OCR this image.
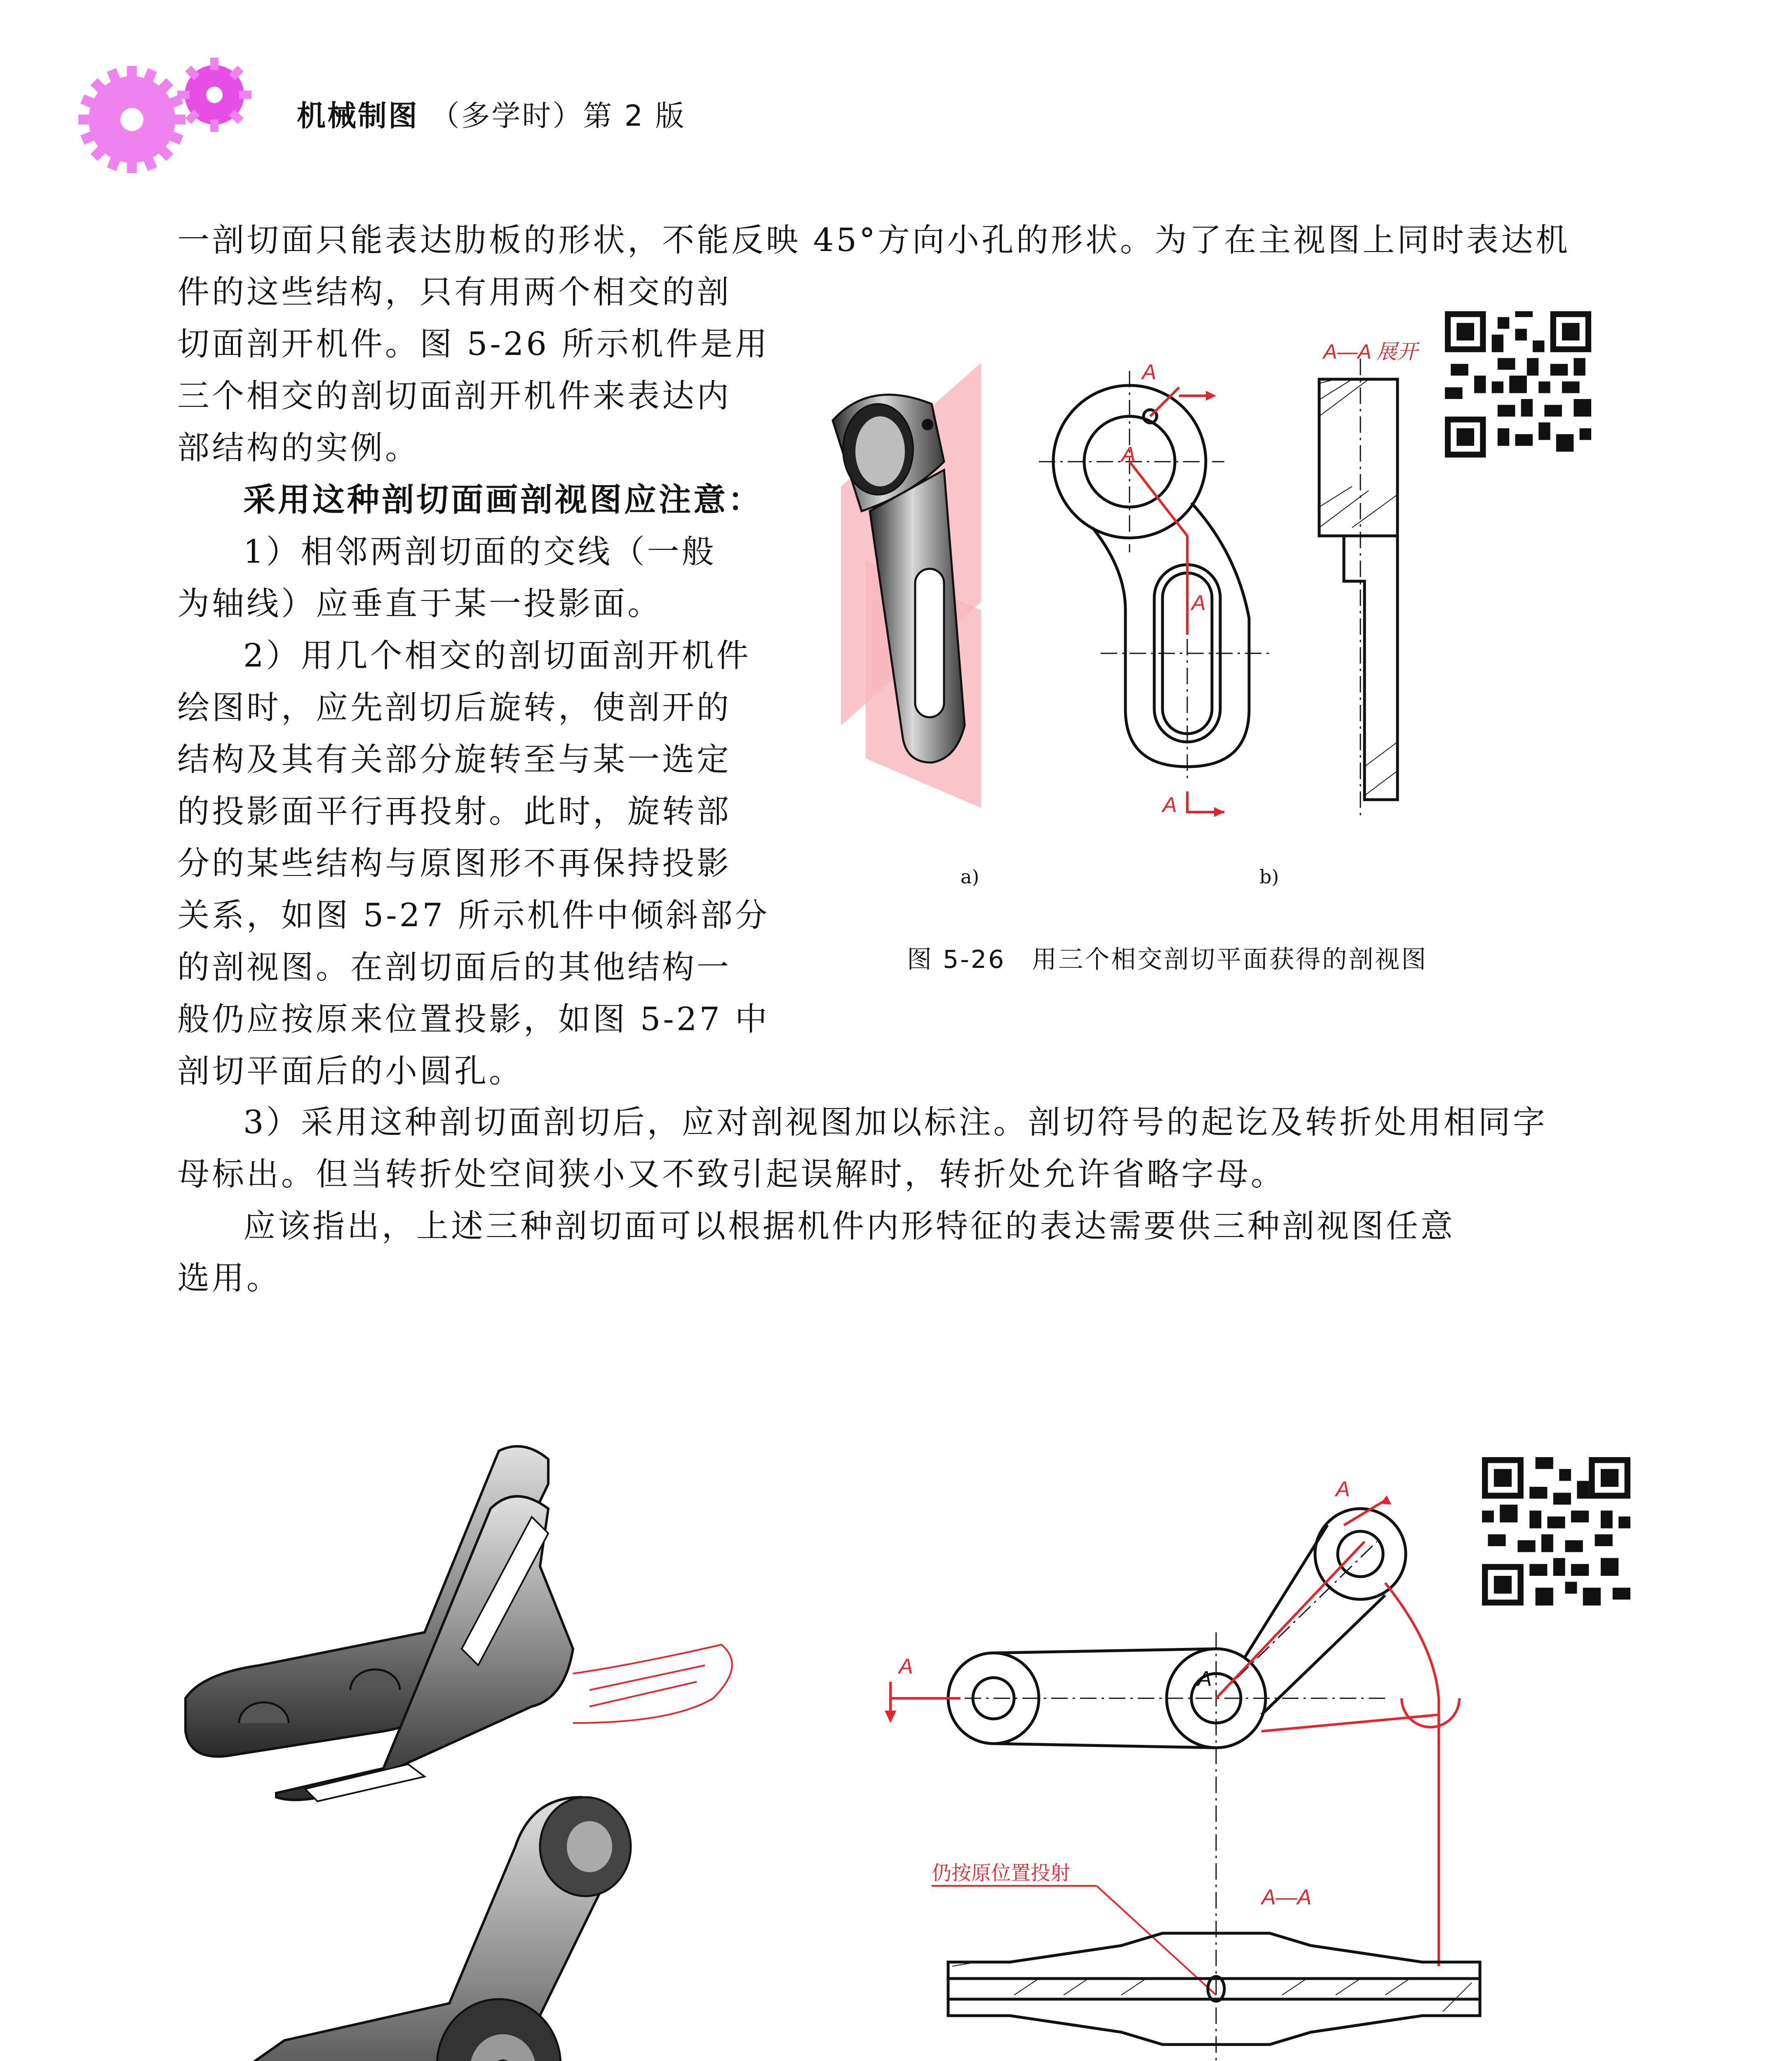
机械制图 （多学时）第 2 版
一剖切面只能表达肋板的形状，不能反映 45°方向小孔的形状。为了在主视图上同时表达机
件的这些结构，只有用两个相交的剖
切面剖开机件。图 5-26 所示机件是用
三个相交的剖切面剖开机件来表达内
部结构的实例。
采用这种剖切面画剖视图应注意：
1）相邻两剖切面的交线（一般
为轴线）应垂直于某一投影面。
2）用几个相交的剖切面剖开机件
绘图时，应先剖切后旋转，使剖开的
结构及其有关部分旋转至与某一选定
的投影面平行再投射。此时，旋转部
分的某些结构与原图形不再保持投影
关系，如图 5-27 所示机件中倾斜部分
的剖视图。在剖切面后的其他结构一
般仍应按原来位置投影，如图 5-27 中
剖切平面后的小圆孔。
3）采用这种剖切面剖切后，应对剖视图加以标注。剖切符号的起讫及转折处用相同字
母标出。但当转折处空间狭小又不致引起误解时，转折处允许省略字母。
应该指出，上述三种剖切面可以根据机件内形特征的表达需要供三种剖视图任意
选用。
A
A
A
A
A—A 展开
a)	b)
图 5-26　用三个相交剖切平面获得的剖视图
A
A
A
仍按原位置投射
A—A
